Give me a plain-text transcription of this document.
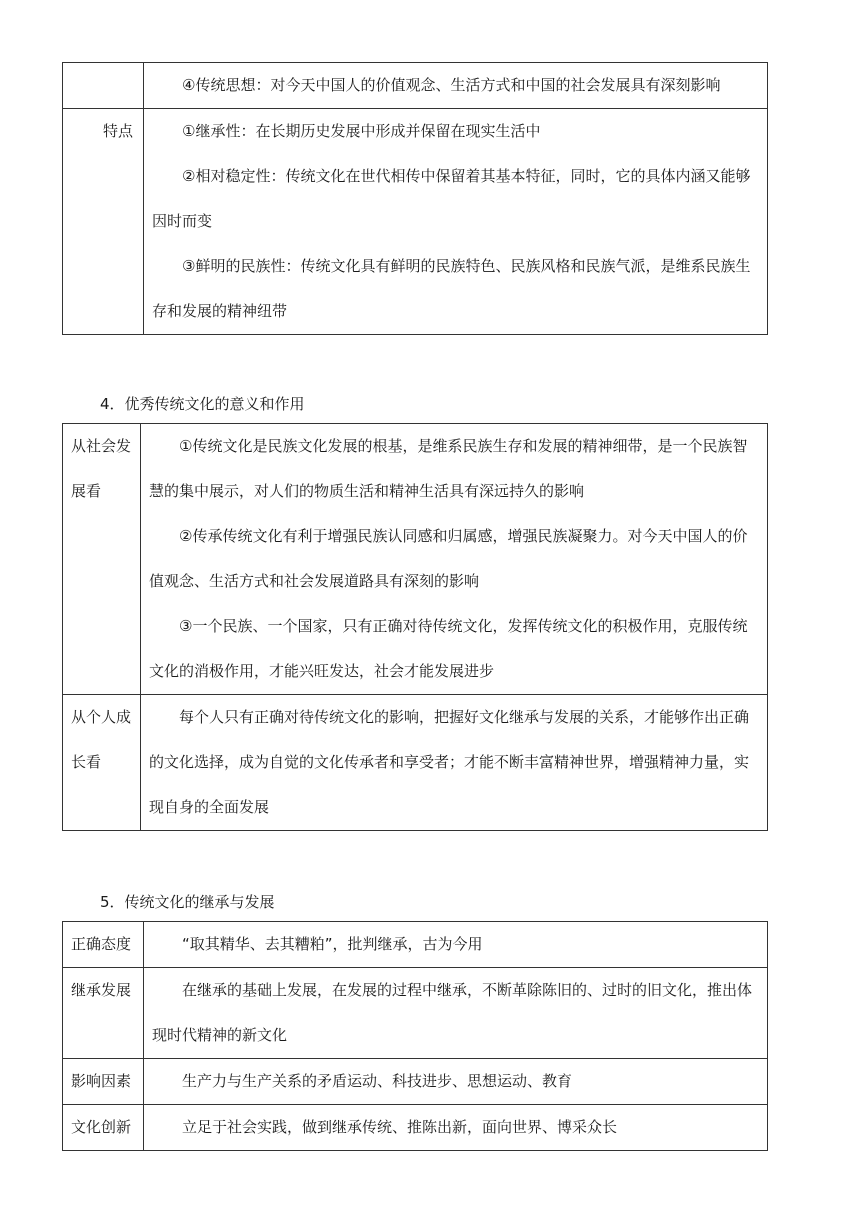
	④传统思想：对今天中国人的价值观念、生活方式和中国的社会发展具有深刻影响

特点	①继承性：在长期历史发展中形成并保留在现实生活中

②相对稳定性：传统文化在世代相传中保留着其基本特征，同时，它的具体内涵又能够因时而变

③鲜明的民族性：传统文化具有鲜明的民族特色、民族风格和民族气派，是维系民族生存和发展的精神纽带

4．优秀传统文化的意义和作用

从社会发展看	①传统文化是民族文化发展的根基，是维系民族生存和发展的精神细带，是一个民族智慧的集中展示，对人们的物质生活和精神生活具有深远持久的影响

②传承传统文化有利于增强民族认同感和归属感，增强民族凝聚力。对今天中国人的价值观念、生活方式和社会发展道路具有深刻的影响

③一个民族、一个国家，只有正确对待传统文化，发挥传统文化的积极作用，克服传统文化的消极作用，才能兴旺发达，社会才能发展进步

从个人成长看	每个人只有正确对待传统文化的影响，把握好文化继承与发展的关系，才能够作出正确的文化选择，成为自觉的文化传承者和享受者；才能不断丰富精神世界，增强精神力量，实现自身的全面发展

5．传统文化的继承与发展

正确态度	“取其精华、去其糟粕”，批判继承，古为今用

继承发展	在继承的基础上发展，在发展的过程中继承，不断革除陈旧的、过时的旧文化，推出体现时代精神的新文化

影响因素	生产力与生产关系的矛盾运动、科技进步、思想运动、教育

文化创新	立足于社会实践，做到继承传统、推陈出新，面向世界、博采众长
